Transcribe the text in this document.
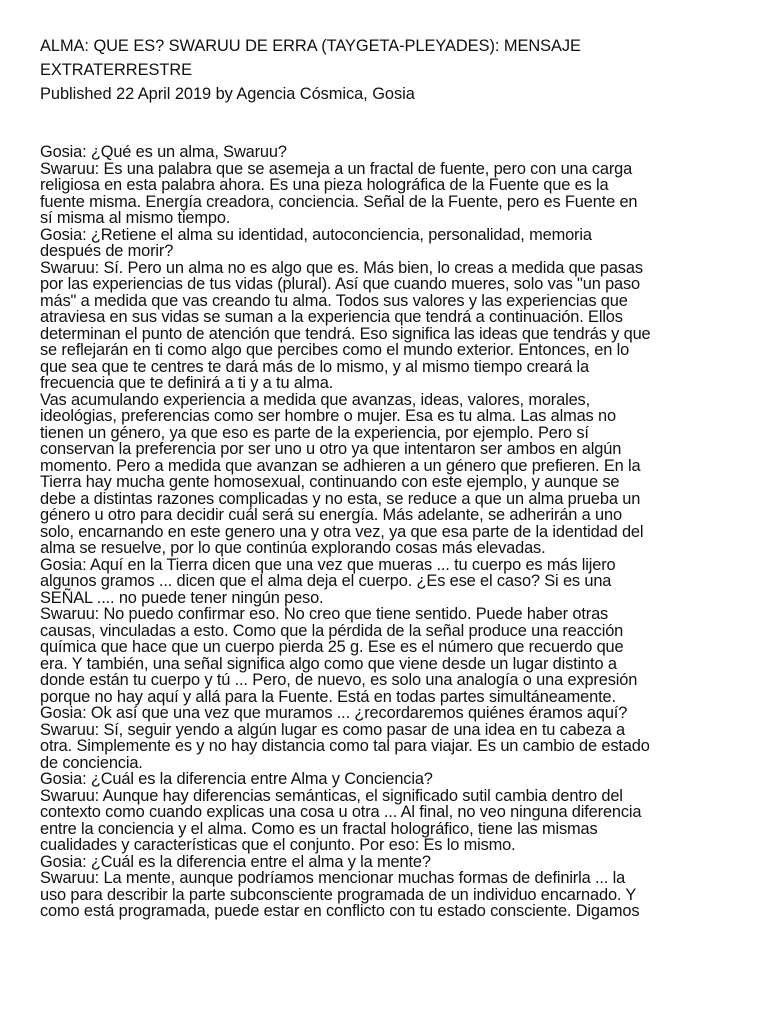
ALMA: QUE ES? SWARUU DE ERRA (TAYGETA-PLEYADES): MENSAJE

EXTRATERRESTRE

Published 22 April 2019 by Agencia Cósmica, Gosia

Gosia: ¿Qué es un alma, Swaruu?

Swaruu: Es una palabra que se asemeja a un fractal de fuente, pero con una carga

religiosa en esta palabra ahora. Es una pieza holográfica de la Fuente que es la

fuente misma. Energía creadora, conciencia. Señal de la Fuente, pero es Fuente en

sí misma al mismo tiempo.

Gosia: ¿Retiene el alma su identidad, autoconciencia, personalidad, memoria

después de morir?

Swaruu: Sí. Pero un alma no es algo que es. Más bien, lo creas a medida que pasas

por las experiencias de tus vidas (plural). Así que cuando mueres, solo vas "un paso

más" a medida que vas creando tu alma. Todos sus valores y las experiencias que

atraviesa en sus vidas se suman a la experiencia que tendrá a continuación. Ellos

determinan el punto de atención que tendrá. Eso significa las ideas que tendrás y que

se reflejarán en ti como algo que percibes como el mundo exterior. Entonces, en lo

que sea que te centres te dará más de lo mismo, y al mismo tiempo creará la

frecuencia que te definirá a ti y a tu alma.

Vas acumulando experiencia a medida que avanzas, ideas, valores, morales,

ideológias, preferencias como ser hombre o mujer. Esa es tu alma. Las almas no

tienen un género, ya que eso es parte de la experiencia, por ejemplo. Pero sí

conservan la preferencia por ser uno u otro ya que intentaron ser ambos en algún

momento. Pero a medida que avanzan se adhieren a un género que prefieren. En la

Tierra hay mucha gente homosexual, continuando con este ejemplo, y aunque se

debe a distintas razones complicadas y no esta, se reduce a que un alma prueba un

género u otro para decidir cuál será su energía. Más adelante, se adherirán a uno

solo, encarnando en este genero una y otra vez, ya que esa parte de la identidad del

alma se resuelve, por lo que continúa explorando cosas más elevadas.

Gosia: Aquí en la Tierra dicen que una vez que mueras ... tu cuerpo es más lijero

algunos gramos ... dicen que el alma deja el cuerpo. ¿Es ese el caso? Si es una

SEÑAL .... no puede tener ningún peso.

Swaruu: No puedo confirmar eso. No creo que tiene sentido. Puede haber otras

causas, vinculadas a esto. Como que la pérdida de la señal produce una reacción

química que hace que un cuerpo pierda 25 g. Ese es el número que recuerdo que

era. Y también, una señal significa algo como que viene desde un lugar distinto a

donde están tu cuerpo y tú ... Pero, de nuevo, es solo una analogía o una expresión

porque no hay aquí y allá para la Fuente. Está en todas partes simultáneamente.

Gosia: Ok así que una vez que muramos ... ¿recordaremos quiénes éramos aquí?

Swaruu: Sí, seguir yendo a algún lugar es como pasar de una idea en tu cabeza a

otra. Simplemente es y no hay distancia como tal para viajar. Es un cambio de estado

de conciencia.

Gosia: ¿Cuál es la diferencia entre Alma y Conciencia?

Swaruu: Aunque hay diferencias semánticas, el significado sutil cambia dentro del

contexto como cuando explicas una cosa u otra ... Al final, no veo ninguna diferencia

entre la conciencia y el alma. Como es un fractal holográfico, tiene las mismas

cualidades y características que el conjunto. Por eso: Es lo mismo.

Gosia: ¿Cuál es la diferencia entre el alma y la mente?

Swaruu: La mente, aunque podríamos mencionar muchas formas de definirla ... la

uso para describir la parte subconsciente programada de un individuo encarnado. Y

como está programada, puede estar en conflicto con tu estado consciente. Digamos
